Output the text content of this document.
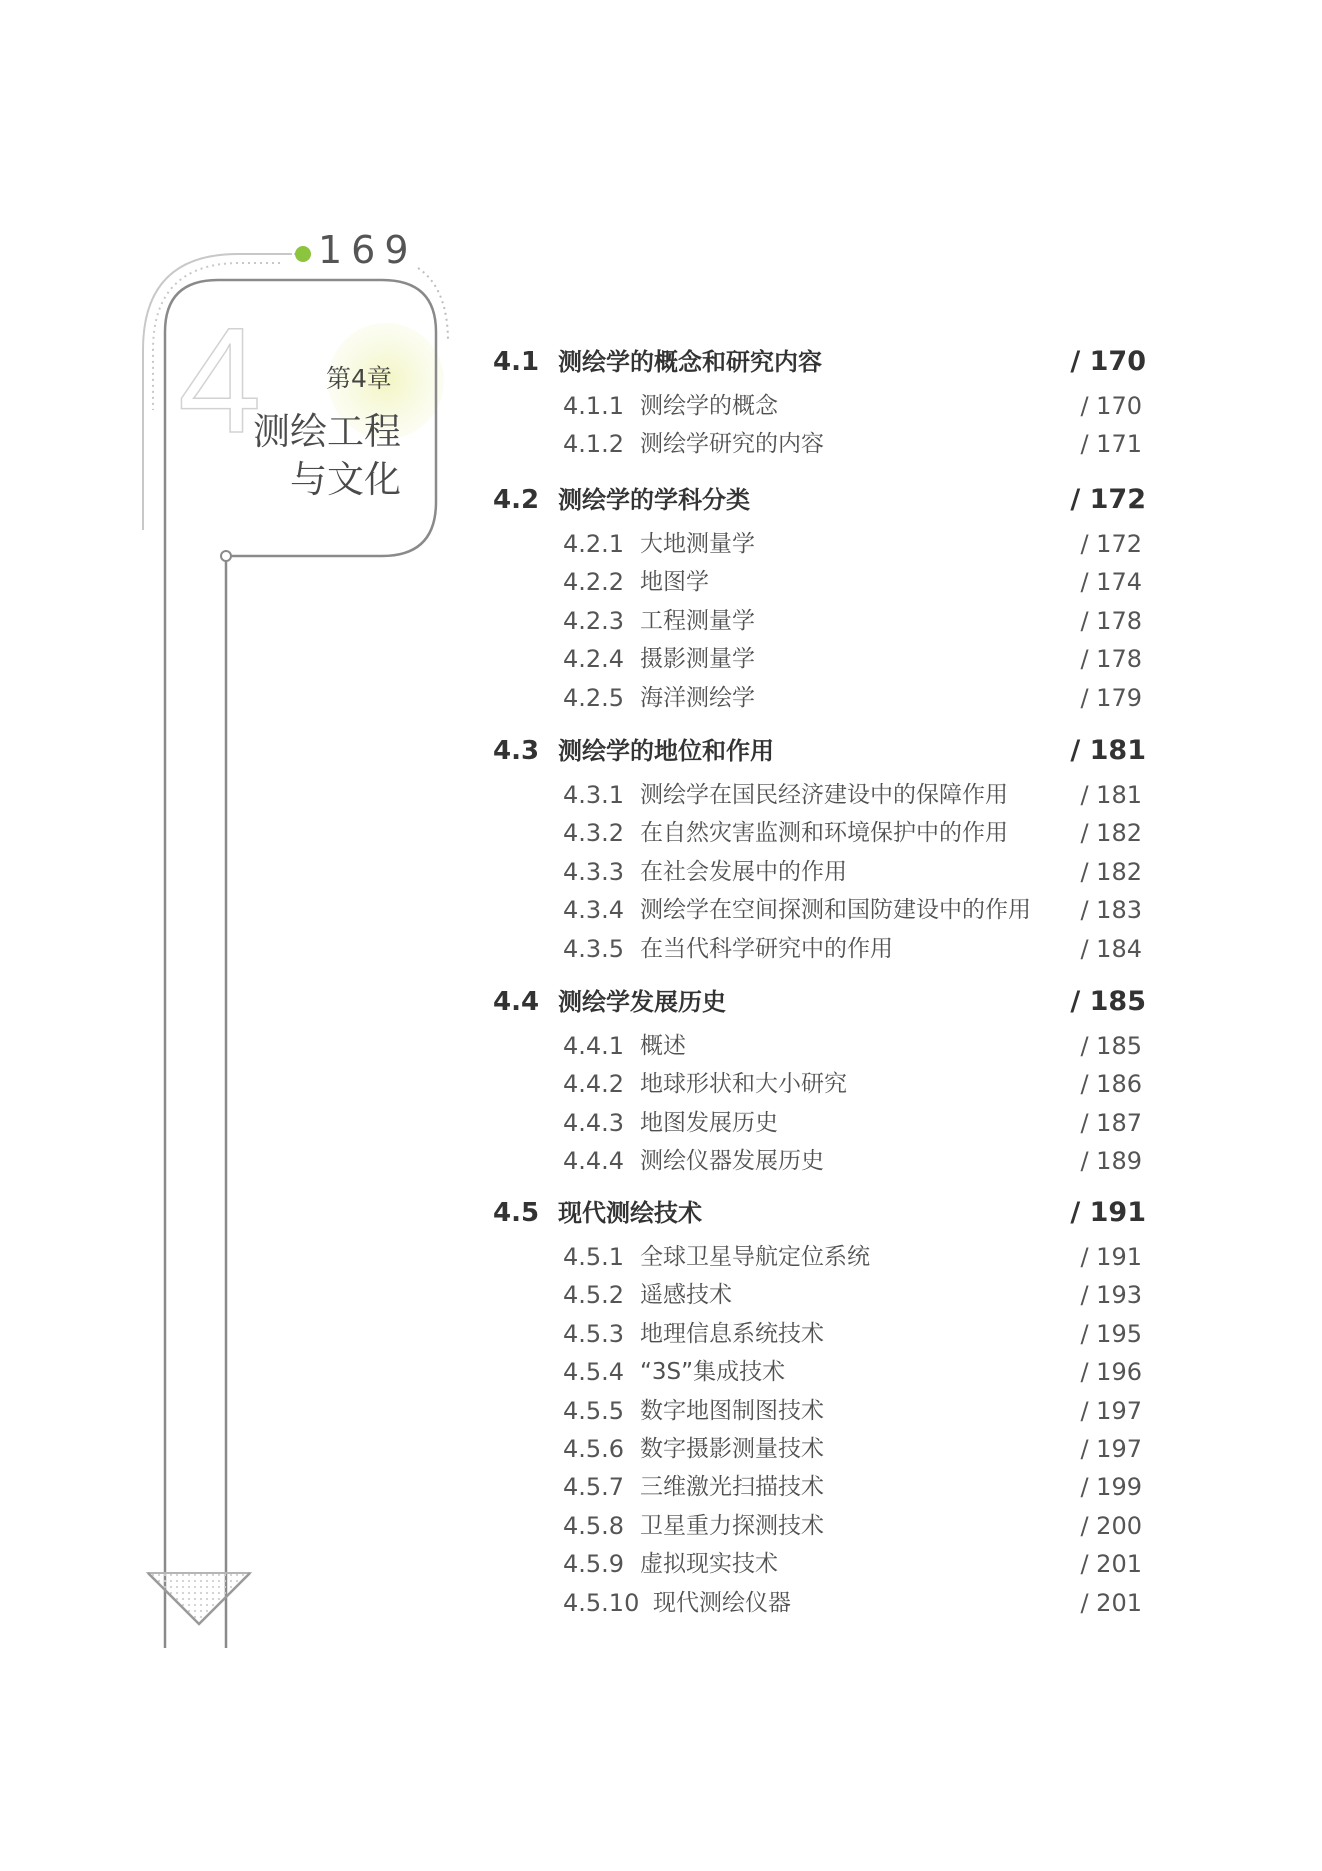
169
4	第4章
测绘工程
与文化
4.1 测绘学的概念和研究内容	/ 170
4.1.1 测绘学的概念	/ 170
4.1.2 测绘学研究的内容	/ 171
4.2 测绘学的学科分类	/ 172
4.2.1 大地测量学	/ 172
4.2.2 地图学	/ 174
4.2.3 工程测量学	/ 178
4.2.4 摄影测量学	/ 178
4.2.5 海洋测绘学	/ 179
4.3 测绘学的地位和作用	/ 181
4.3.1 测绘学在国民经济建设中的保障作用	/ 181
4.3.2 在自然灾害监测和环境保护中的作用	/ 182
4.3.3 在社会发展中的作用	/ 182
4.3.4 测绘学在空间探测和国防建设中的作用 / 183
4.3.5 在当代科学研究中的作用	/ 184
4.4 测绘学发展历史	/ 185
4.4.1 概述	/ 185
4.4.2 地球形状和大小研究	/ 186
4.4.3 地图发展历史	/ 187
4.4.4 测绘仪器发展历史	/ 189
4.5 现代测绘技术	/ 191
4.5.1 全球卫星导航定位系统	/ 191
4.5.2 遥感技术	/ 193
4.5.3 地理信息系统技术	/ 195
4.5.4 “3S”集成技术	/ 196
4.5.5 数字地图制图技术	/ 197
4.5.6 数字摄影测量技术	/ 197
4.5.7 三维激光扫描技术	/ 199
4.5.8 卫星重力探测技术	/ 200
4.5.9 虚拟现实技术	/ 201
4.5.10 现代测绘仪器	/ 201
